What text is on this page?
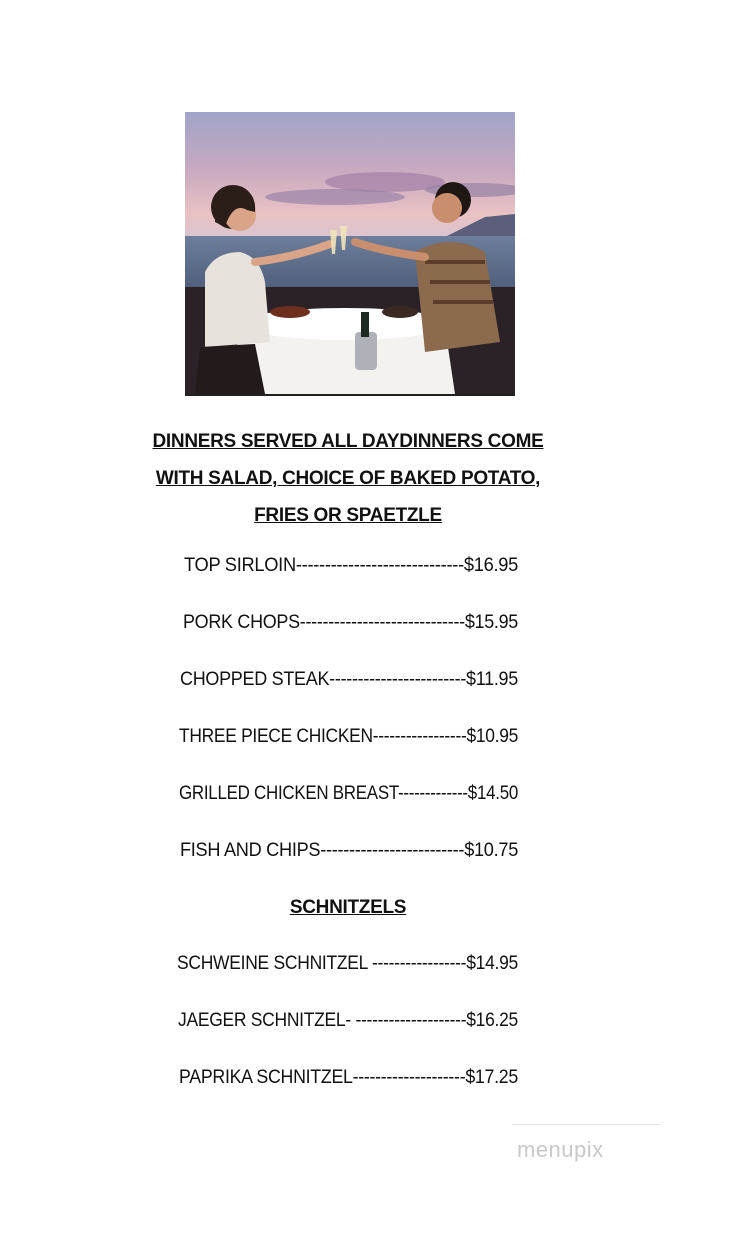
DINNERS SERVED ALL DAYDINNERS COME
WITH SALAD, CHOICE OF BAKED POTATO,
FRIES OR SPAETZLE
TOP SIRLOIN-----------------------------$16.95
PORK CHOPS-----------------------------$15.95
CHOPPED STEAK------------------------$11.95
THREE PIECE CHICKEN-----------------$10.95
GRILLED CHICKEN BREAST-------------$14.50
FISH AND CHIPS-------------------------$10.75
SCHNITZELS
SCHWEINE SCHNITZEL -----------------$14.95
JAEGER SCHNITZEL- --------------------$16.25
PAPRIKA SCHNITZEL--------------------$17.25
menupix
